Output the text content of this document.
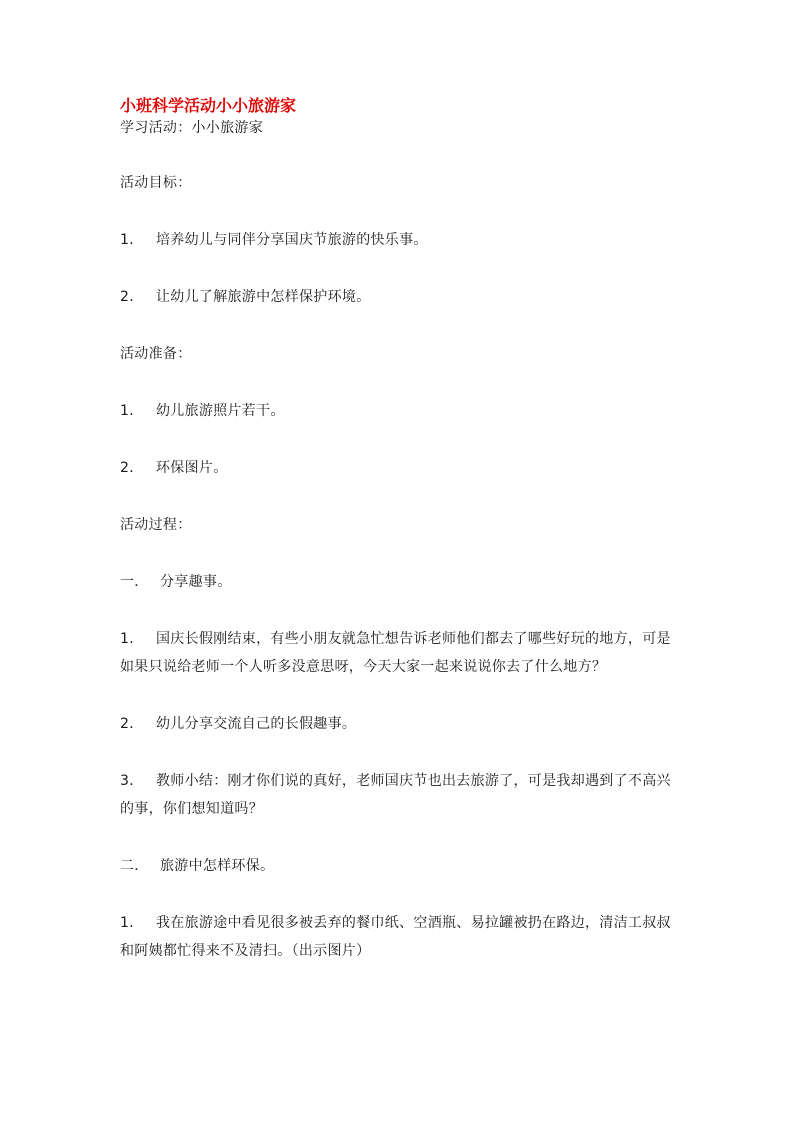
小班科学活动小小旅游家

学习活动：小小旅游家

活动目标：

1． 培养幼儿与同伴分享国庆节旅游的快乐事。

2． 让幼儿了解旅游中怎样保护环境。

活动准备：

1． 幼儿旅游照片若干。

2． 环保图片。

活动过程：

一． 分享趣事。

1． 国庆长假刚结束，有些小朋友就急忙想告诉老师他们都去了哪些好玩的地方，可是如果只说给老师一个人听多没意思呀，今天大家一起来说说你去了什么地方？

2． 幼儿分享交流自己的长假趣事。

3． 教师小结：刚才你们说的真好，老师国庆节也出去旅游了，可是我却遇到了不高兴的事，你们想知道吗？

二． 旅游中怎样环保。

1． 我在旅游途中看见很多被丢弃的餐巾纸、空酒瓶、易拉罐被扔在路边，清洁工叔叔和阿姨都忙得来不及清扫。（出示图片）
